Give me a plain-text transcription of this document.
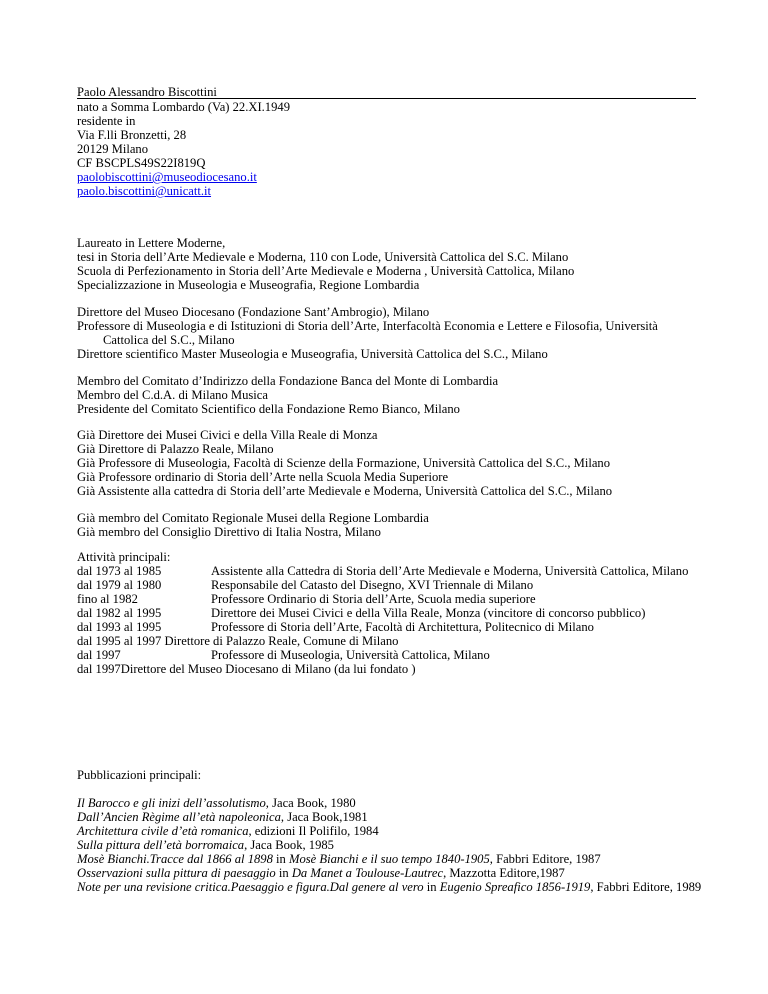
Paolo Alessandro Biscottini
nato a Somma Lombardo (Va) 22.XI.1949
residente in
Via F.lli Bronzetti, 28
20129 Milano
CF BSCPLS49S22I819Q
paolobiscottini@museodiocesano.it
paolo.biscottini@unicatt.it
Laureato in Lettere Moderne,
tesi in Storia dell’Arte Medievale e Moderna, 110 con Lode, Università Cattolica del S.C. Milano
Scuola di Perfezionamento in Storia dell’Arte Medievale e Moderna , Università Cattolica, Milano
Specializzazione in Museologia e Museografia, Regione Lombardia
Direttore del Museo Diocesano (Fondazione Sant’Ambrogio), Milano
Professore di Museologia e di Istituzioni di Storia dell’Arte, Interfacoltà Economia e Lettere e Filosofia, Università Cattolica del S.C., Milano
Direttore scientifico Master Museologia e Museografia, Università Cattolica del S.C., Milano
Membro del Comitato d’Indirizzo della Fondazione Banca del Monte di Lombardia
Membro del C.d.A. di Milano Musica
Presidente del Comitato Scientifico della Fondazione Remo Bianco, Milano
Già Direttore dei Musei Civici e della Villa Reale di Monza
Già Direttore di Palazzo Reale, Milano
Già Professore di Museologia, Facoltà di Scienze della Formazione, Università Cattolica del S.C., Milano
Già Professore ordinario di Storia dell’Arte nella Scuola Media Superiore
Già Assistente alla cattedra di Storia dell’arte Medievale e Moderna, Università Cattolica del S.C., Milano
Già membro del Comitato Regionale Musei della Regione Lombardia
Già membro del Consiglio Direttivo di Italia Nostra, Milano
Attività principali:
dal 1973 al 1985	Assistente alla Cattedra di Storia dell’Arte Medievale e Moderna, Università Cattolica, Milano
dal 1979 al 1980	Responsabile del Catasto del Disegno, XVI Triennale di Milano
fino al 1982	Professore Ordinario di Storia dell’Arte, Scuola media superiore
dal 1982 al 1995	Direttore dei Musei Civici e della Villa Reale, Monza (vincitore di concorso pubblico)
dal 1993 al 1995	Professore di Storia dell’Arte, Facoltà di Architettura, Politecnico di Milano
dal 1995 al 1997 Direttore di Palazzo Reale, Comune di Milano
dal 1997	Professore di Museologia, Università Cattolica, Milano
dal 1997Direttore del Museo Diocesano di Milano (da lui fondato )
Pubblicazioni principali:
Il Barocco e gli inizi dell’assolutismo, Jaca Book, 1980
Dall’Ancien Règime all’età napoleonica, Jaca Book,1981
Architettura civile d’età romanica, edizioni Il Polifilo, 1984
Sulla pittura dell’età borromaica, Jaca Book, 1985
Mosè Bianchi.Tracce dal 1866 al 1898 in Mosè Bianchi e il suo tempo 1840-1905, Fabbri Editore, 1987
Osservazioni sulla pittura di paesaggio in Da Manet a Toulouse-Lautrec, Mazzotta Editore,1987
Note per una revisione critica.Paesaggio e figura.Dal genere al vero in Eugenio Spreafico 1856-1919, Fabbri Editore, 1989
